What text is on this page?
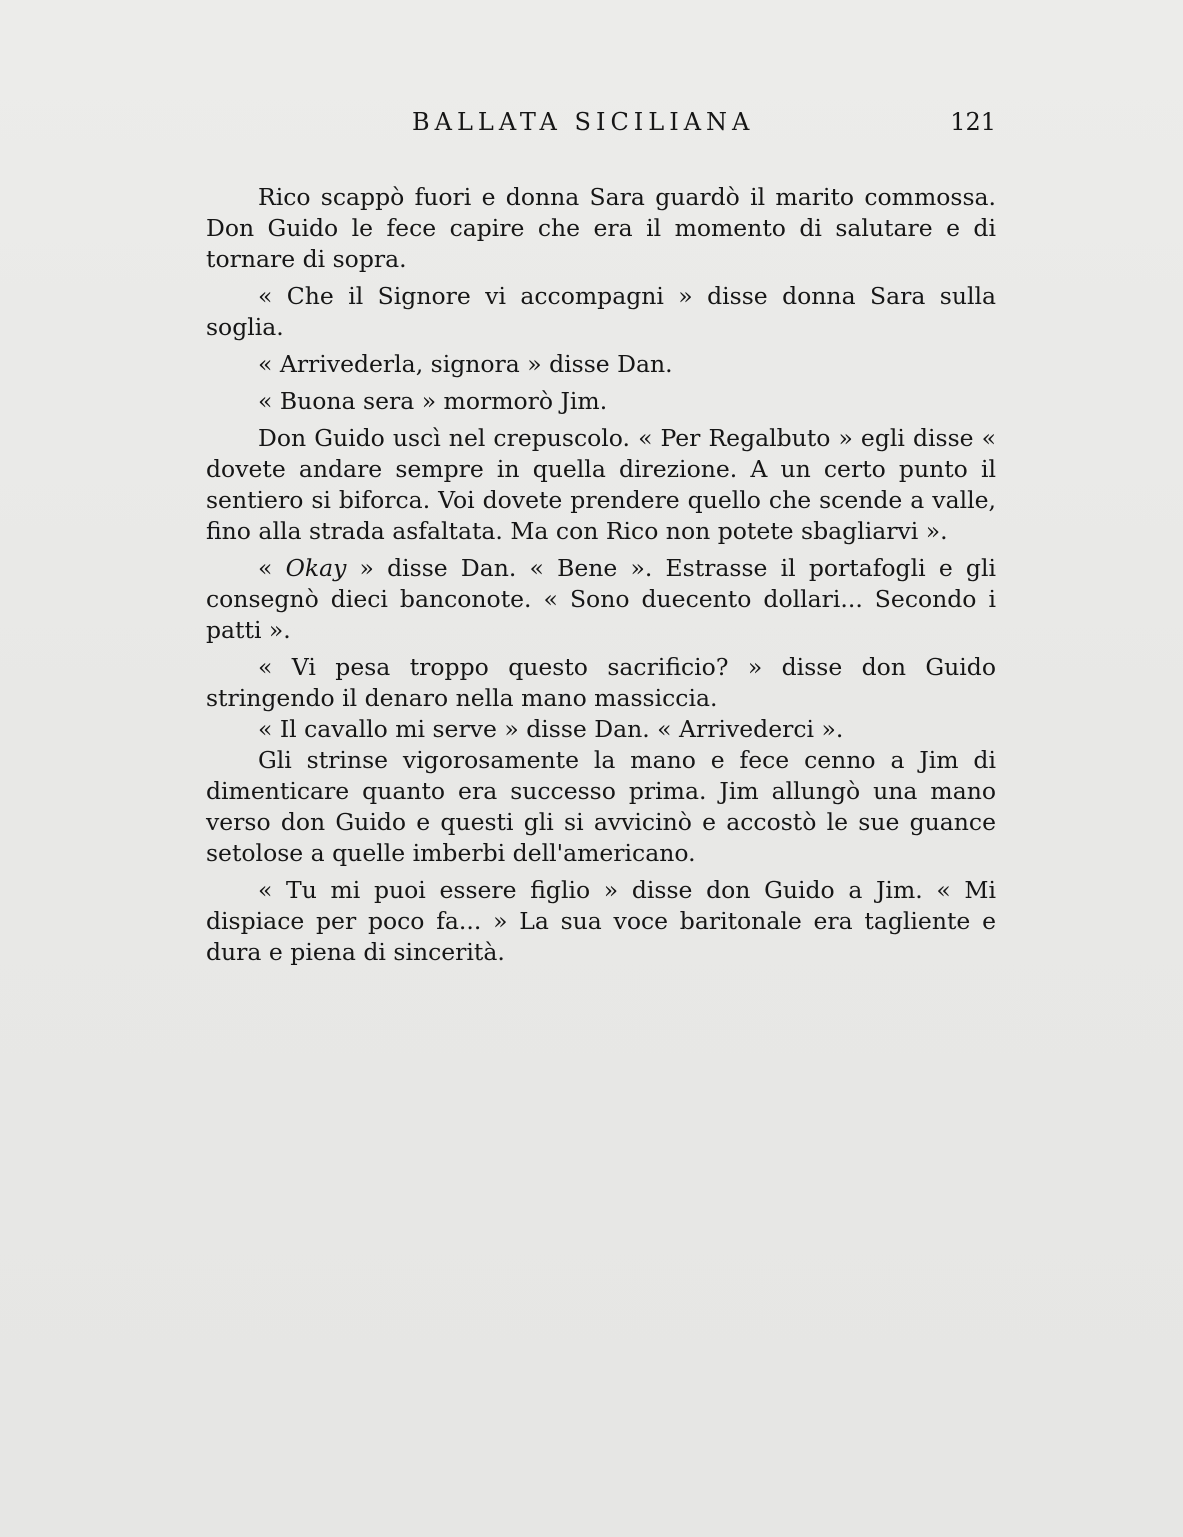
BALLATA SICILIANA	121

Rico scappò fuori e donna Sara guardò il marito commossa. Don Guido le fece capire che era il momento di salutare e di tornare di sopra.

« Che il Signore vi accompagni » disse donna Sara sulla soglia.

« Arrivederla, signora » disse Dan.

« Buona sera » mormorò Jim.

Don Guido uscì nel crepuscolo. « Per Regalbuto » egli disse « dovete andare sempre in quella direzione. A un certo punto il sentiero si biforca. Voi dovete prendere quello che scende a valle, fino alla strada asfaltata. Ma con Rico non potete sbagliarvi ».

« Okay » disse Dan. « Bene ». Estrasse il portafogli e gli consegnò dieci banconote. « Sono duecento dollari... Secondo i patti ».

« Vi pesa troppo questo sacrificio? » disse don Guido stringendo il denaro nella mano massiccia.

« Il cavallo mi serve » disse Dan. « Arrivederci ».

Gli strinse vigorosamente la mano e fece cenno a Jim di dimenticare quanto era successo prima. Jim allungò una mano verso don Guido e questi gli si avvicinò e accostò le sue guance setolose a quelle imberbi dell'americano.

« Tu mi puoi essere figlio » disse don Guido a Jim. « Mi dispiace per poco fa... » La sua voce baritonale era tagliente e dura e piena di sincerità.
